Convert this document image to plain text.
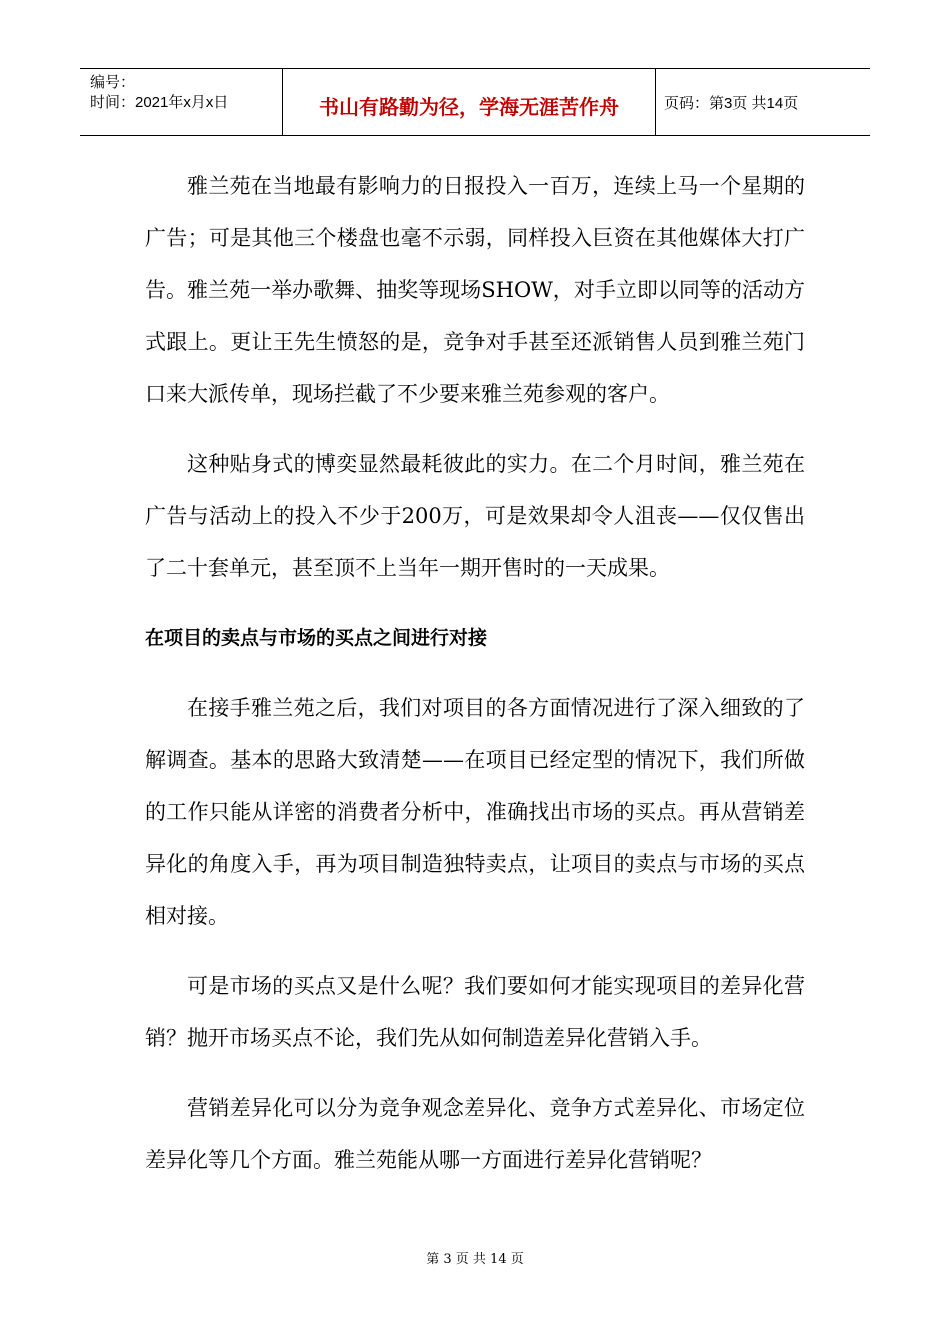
编号：
时间：2021年x月x日	书山有路勤为径，学海无涯苦作舟	页码：第3页 共14页

雅兰苑在当地最有影响力的日报投入一百万，连续上马一个星期的广告；可是其他三个楼盘也毫不示弱，同样投入巨资在其他媒体大打广告。雅兰苑一举办歌舞、抽奖等现场SHOW，对手立即以同等的活动方式跟上。更让王先生愤怒的是，竞争对手甚至还派销售人员到雅兰苑门口来大派传单，现场拦截了不少要来雅兰苑参观的客户。

这种贴身式的博奕显然最耗彼此的实力。在二个月时间，雅兰苑在广告与活动上的投入不少于200万，可是效果却令人沮丧——仅仅售出了二十套单元，甚至顶不上当年一期开售时的一天成果。

在项目的卖点与市场的买点之间进行对接

在接手雅兰苑之后，我们对项目的各方面情况进行了深入细致的了解调查。基本的思路大致清楚——在项目已经定型的情况下，我们所做的工作只能从详密的消费者分析中，准确找出市场的买点。再从营销差异化的角度入手，再为项目制造独特卖点，让项目的卖点与市场的买点相对接。

可是市场的买点又是什么呢？我们要如何才能实现项目的差异化营销？抛开市场买点不论，我们先从如何制造差异化营销入手。

营销差异化可以分为竞争观念差异化、竞争方式差异化、市场定位差异化等几个方面。雅兰苑能从哪一方面进行差异化营销呢？

第 3 页 共 14 页
